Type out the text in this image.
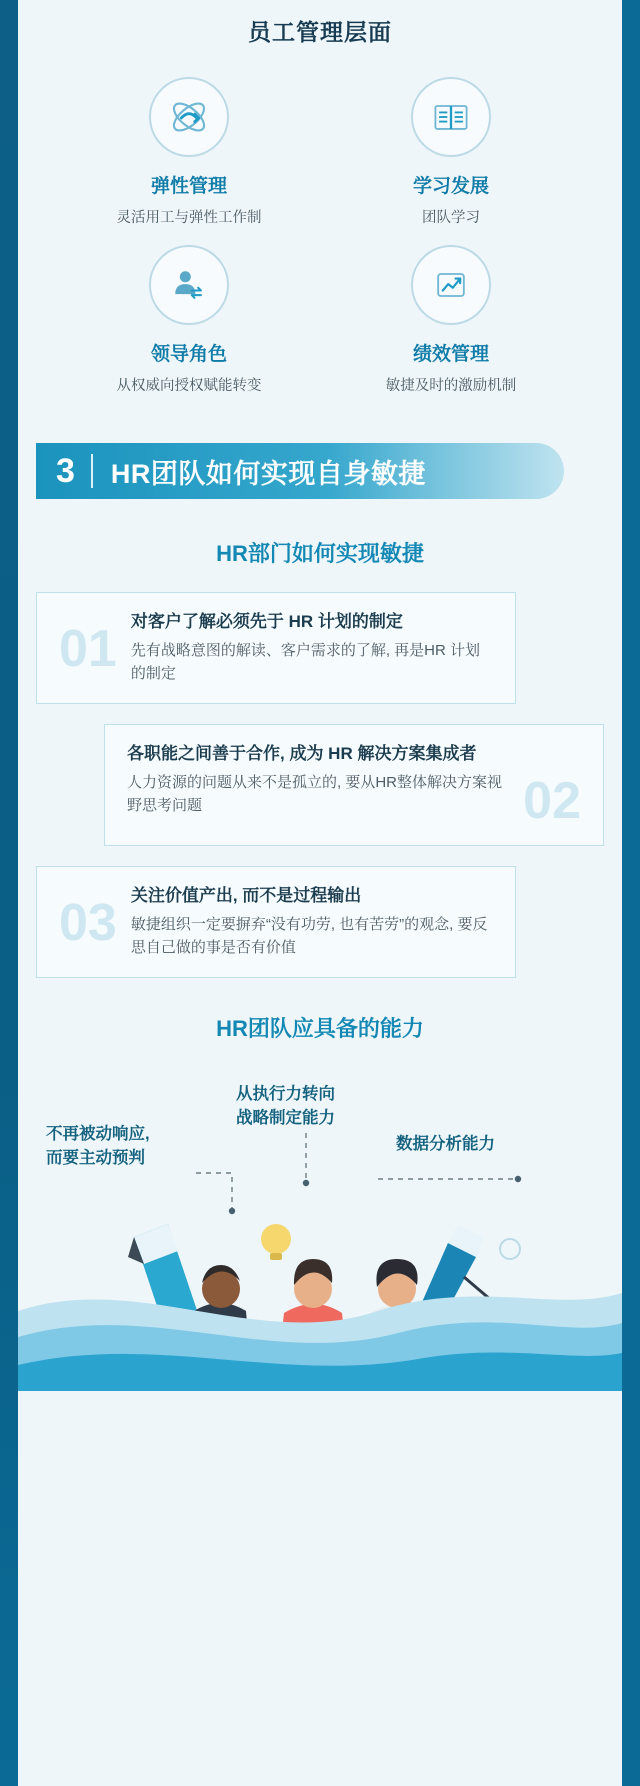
员工管理层面
弹性管理

灵活用工与弹性工作制

学习发展

团队学习

领导角色

从权威向授权赋能转变

绩效管理

敏捷及时的激励机制

3	HR团队如何实现自身敏捷
HR部门如何实现敏捷
01 对客户了解必须先于 HR 计划的制定

先有战略意图的解读、客户需求的了解, 再是HR 计划的制定

02
各职能之间善于合作, 成为 HR 解决方案集成者

人力资源的问题从来不是孤立的, 要从HR整体解决方案视野思考问题

03 关注价值产出, 而不是过程输出

敏捷组织一定要摒弃“没有功劳, 也有苦劳”的观念, 要反思自己做的事是否有价值

HR团队应具备的能力
不再被动响应,
而要主动预判
从执行力转向
战略制定能力
数据分析能力
